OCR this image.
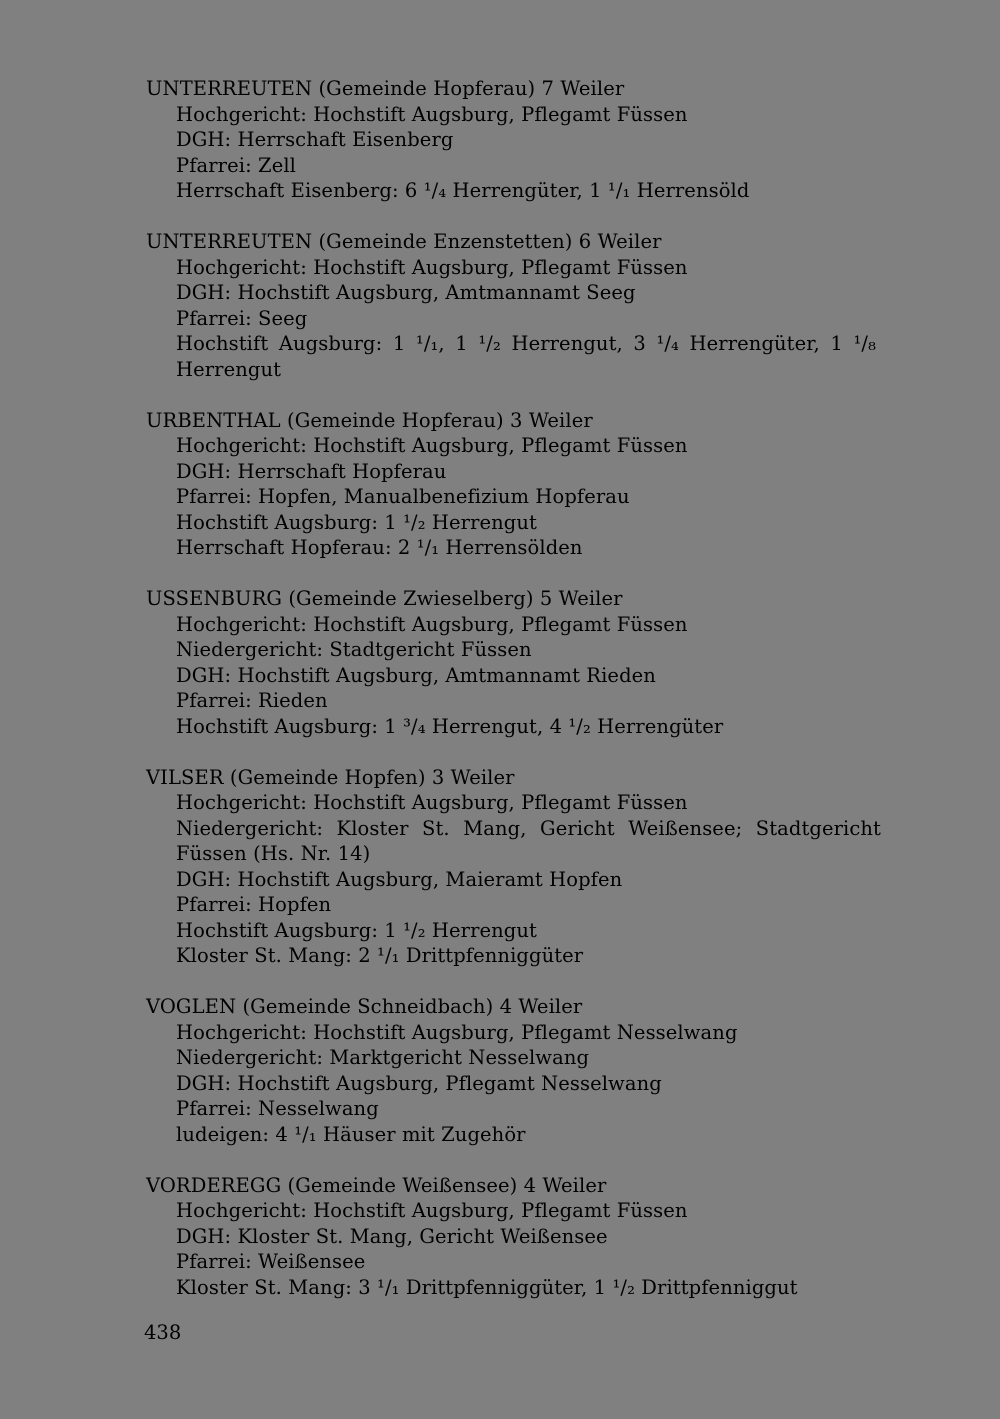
UNTERREUTEN (Gemeinde Hopferau) 7 Weiler
Hochgericht: Hochstift Augsburg, Pflegamt Füssen
DGH: Herrschaft Eisenberg
Pfarrei: Zell
Herrschaft Eisenberg: 6 ¹/₄ Herrengüter, 1 ¹/₁ Herrensöld
UNTERREUTEN (Gemeinde Enzenstetten) 6 Weiler
Hochgericht: Hochstift Augsburg, Pflegamt Füssen
DGH: Hochstift Augsburg, Amtmannamt Seeg
Pfarrei: Seeg
Hochstift Augsburg: 1 ¹/₁, 1 ¹/₂ Herrengut, 3 ¹/₄ Herrengüter, 1 ¹/₈ Herrengut
URBENTHAL (Gemeinde Hopferau) 3 Weiler
Hochgericht: Hochstift Augsburg, Pflegamt Füssen
DGH: Herrschaft Hopferau
Pfarrei: Hopfen, Manualbenefizium Hopferau
Hochstift Augsburg: 1 ¹/₂ Herrengut
Herrschaft Hopferau: 2 ¹/₁ Herrensölden
USSENBURG (Gemeinde Zwieselberg) 5 Weiler
Hochgericht: Hochstift Augsburg, Pflegamt Füssen
Niedergericht: Stadtgericht Füssen
DGH: Hochstift Augsburg, Amtmannamt Rieden
Pfarrei: Rieden
Hochstift Augsburg: 1 ³/₄ Herrengut, 4 ¹/₂ Herrengüter
VILSER (Gemeinde Hopfen) 3 Weiler
Hochgericht: Hochstift Augsburg, Pflegamt Füssen
Niedergericht: Kloster St. Mang, Gericht Weißensee; Stadtgericht Füssen (Hs. Nr. 14)
DGH: Hochstift Augsburg, Maieramt Hopfen
Pfarrei: Hopfen
Hochstift Augsburg: 1 ¹/₂ Herrengut
Kloster St. Mang: 2 ¹/₁ Drittpfenniggüter
VOGLEN (Gemeinde Schneidbach) 4 Weiler
Hochgericht: Hochstift Augsburg, Pflegamt Nesselwang
Niedergericht: Marktgericht Nesselwang
DGH: Hochstift Augsburg, Pflegamt Nesselwang
Pfarrei: Nesselwang
ludeigen: 4 ¹/₁ Häuser mit Zugehör
VORDEREGG (Gemeinde Weißensee) 4 Weiler
Hochgericht: Hochstift Augsburg, Pflegamt Füssen
DGH: Kloster St. Mang, Gericht Weißensee
Pfarrei: Weißensee
Kloster St. Mang: 3 ¹/₁ Drittpfenniggüter, 1 ¹/₂ Drittpfenniggut
438
